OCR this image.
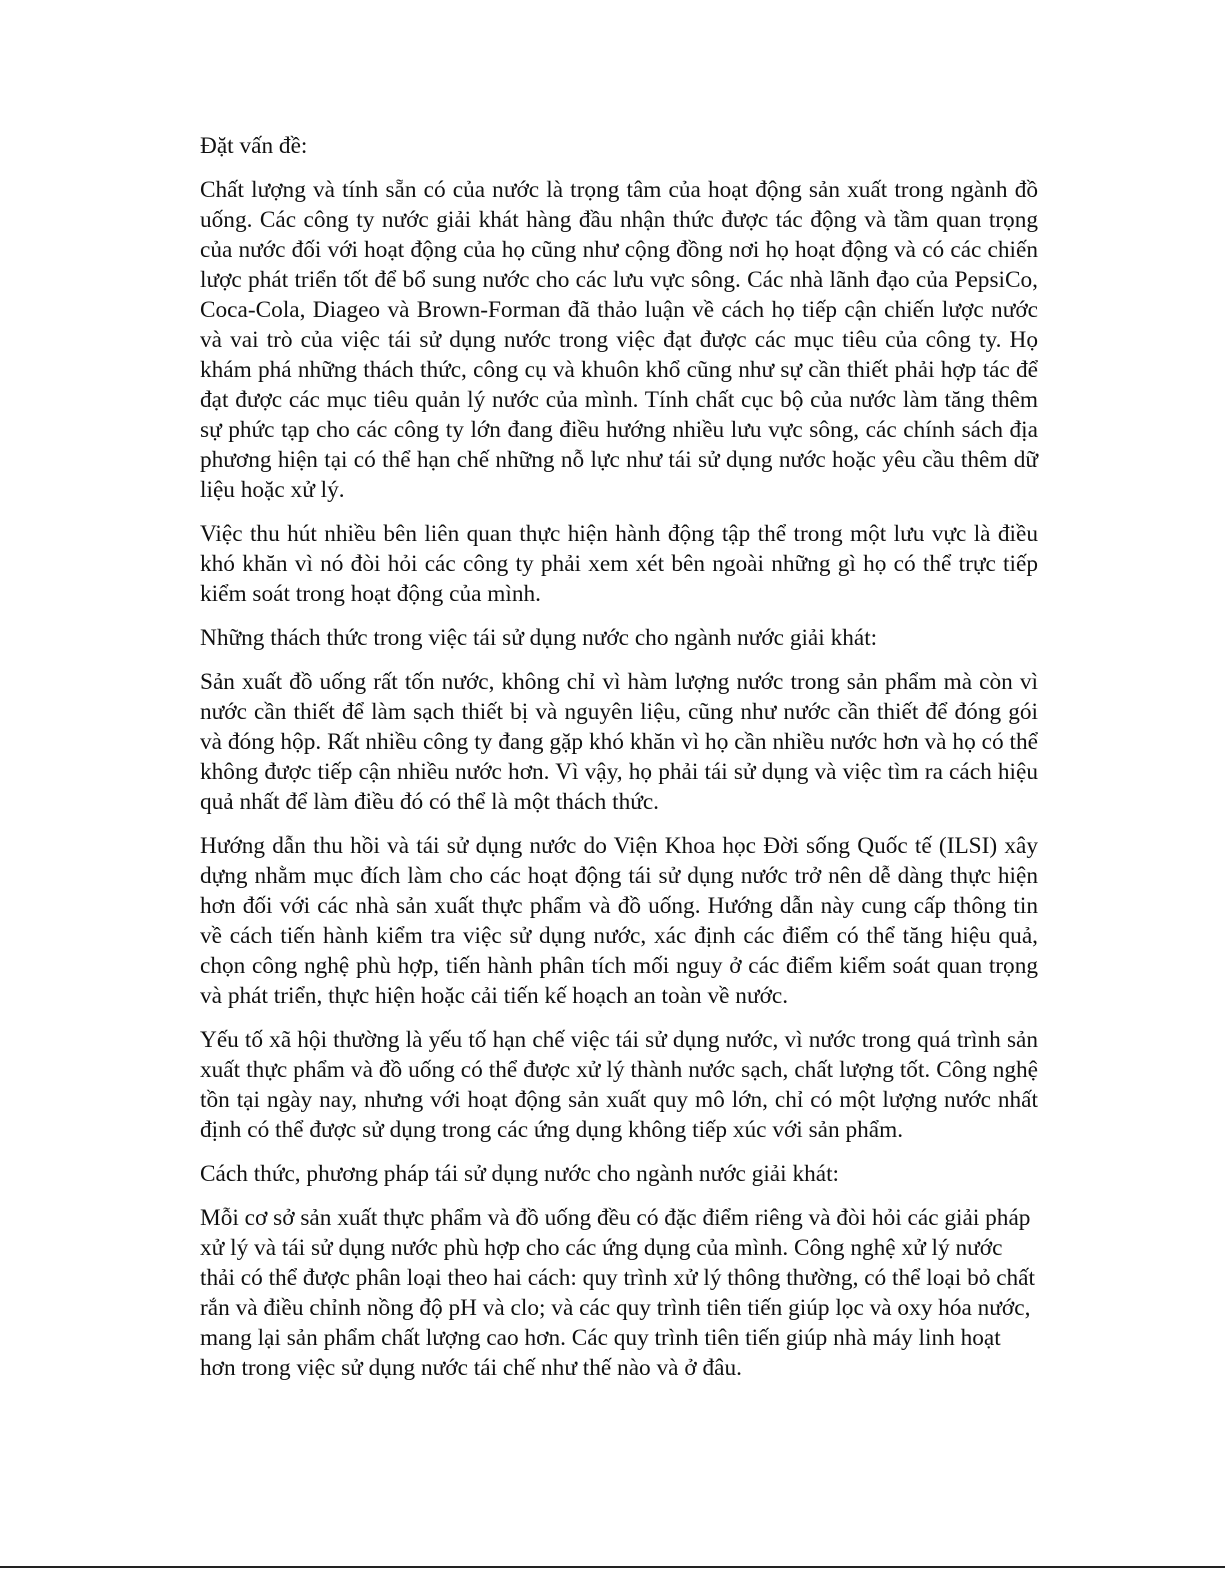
Đặt vấn đề:

Chất lượng và tính sẵn có của nước là trọng tâm của hoạt động sản xuất trong ngành đồ uống. Các công ty nước giải khát hàng đầu nhận thức được tác động và tầm quan trọng của nước đối với hoạt động của họ cũng như cộng đồng nơi họ hoạt động và có các chiến lược phát triển tốt để bổ sung nước cho các lưu vực sông. Các nhà lãnh đạo của PepsiCo, Coca-Cola, Diageo và Brown-Forman đã thảo luận về cách họ tiếp cận chiến lược nước và vai trò của việc tái sử dụng nước trong việc đạt được các mục tiêu của công ty. Họ khám phá những thách thức, công cụ và khuôn khổ cũng như sự cần thiết phải hợp tác để đạt được các mục tiêu quản lý nước của mình. Tính chất cục bộ của nước làm tăng thêm sự phức tạp cho các công ty lớn đang điều hướng nhiều lưu vực sông, các chính sách địa phương hiện tại có thể hạn chế những nỗ lực như tái sử dụng nước hoặc yêu cầu thêm dữ liệu hoặc xử lý.

Việc thu hút nhiều bên liên quan thực hiện hành động tập thể trong một lưu vực là điều khó khăn vì nó đòi hỏi các công ty phải xem xét bên ngoài những gì họ có thể trực tiếp kiểm soát trong hoạt động của mình.

Những thách thức trong việc tái sử dụng nước cho ngành nước giải khát:

Sản xuất đồ uống rất tốn nước, không chỉ vì hàm lượng nước trong sản phẩm mà còn vì nước cần thiết để làm sạch thiết bị và nguyên liệu, cũng như nước cần thiết để đóng gói và đóng hộp. Rất nhiều công ty đang gặp khó khăn vì họ cần nhiều nước hơn và họ có thể không được tiếp cận nhiều nước hơn. Vì vậy, họ phải tái sử dụng và việc tìm ra cách hiệu quả nhất để làm điều đó có thể là một thách thức.

Hướng dẫn thu hồi và tái sử dụng nước do Viện Khoa học Đời sống Quốc tế (ILSI) xây dựng nhằm mục đích làm cho các hoạt động tái sử dụng nước trở nên dễ dàng thực hiện hơn đối với các nhà sản xuất thực phẩm và đồ uống. Hướng dẫn này cung cấp thông tin về cách tiến hành kiểm tra việc sử dụng nước, xác định các điểm có thể tăng hiệu quả, chọn công nghệ phù hợp, tiến hành phân tích mối nguy ở các điểm kiểm soát quan trọng và phát triển, thực hiện hoặc cải tiến kế hoạch an toàn về nước.

Yếu tố xã hội thường là yếu tố hạn chế việc tái sử dụng nước, vì nước trong quá trình sản xuất thực phẩm và đồ uống có thể được xử lý thành nước sạch, chất lượng tốt. Công nghệ tồn tại ngày nay, nhưng với hoạt động sản xuất quy mô lớn, chỉ có một lượng nước nhất định có thể được sử dụng trong các ứng dụng không tiếp xúc với sản phẩm.

Cách thức, phương pháp tái sử dụng nước cho ngành nước giải khát:

Mỗi cơ sở sản xuất thực phẩm và đồ uống đều có đặc điểm riêng và đòi hỏi các giải pháp xử lý và tái sử dụng nước phù hợp cho các ứng dụng của mình. Công nghệ xử lý nước thải có thể được phân loại theo hai cách: quy trình xử lý thông thường, có thể loại bỏ chất rắn và điều chỉnh nồng độ pH và clo; và các quy trình tiên tiến giúp lọc và oxy hóa nước, mang lại sản phẩm chất lượng cao hơn. Các quy trình tiên tiến giúp nhà máy linh hoạt hơn trong việc sử dụng nước tái chế như thế nào và ở đâu.
